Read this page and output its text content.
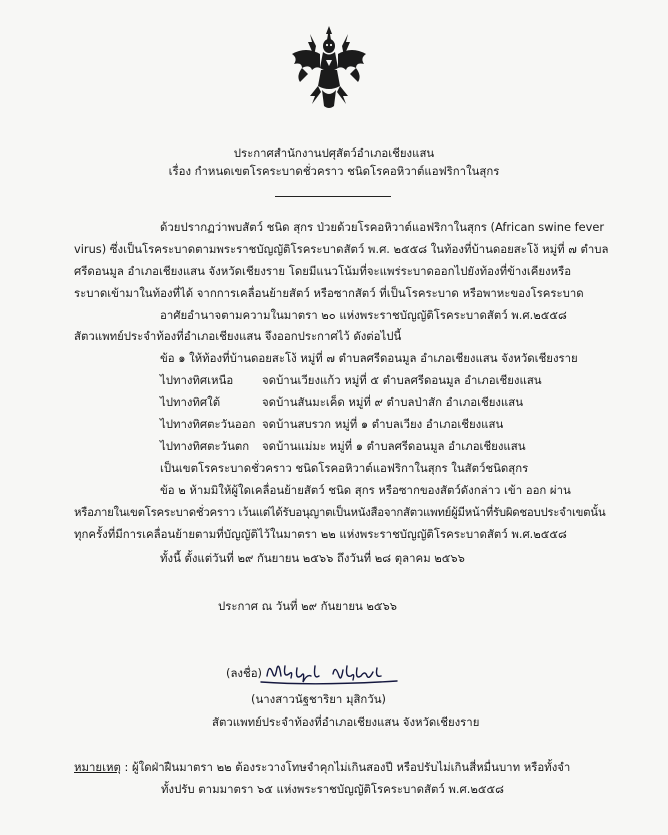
ประกาศสำนักงานปศุสัตว์อำเภอเชียงแสน
เรื่อง กำหนดเขตโรคระบาดชั่วคราว ชนิดโรคอหิวาต์แอฟริกาในสุกร
ด้วยปรากฏว่าพบสัตว์ ชนิด สุกร ป่วยด้วยโรคอหิวาต์แอฟริกาในสุกร (African swine fever
virus) ซึ่งเป็นโรคระบาดตามพระราชบัญญัติโรคระบาดสัตว์ พ.ศ. ๒๕๕๘ ในท้องที่บ้านดอยสะโง้ หมู่ที่ ๗ ตำบล
ศรีดอนมูล อำเภอเชียงแสน จังหวัดเชียงราย โดยมีแนวโน้มที่จะแพร่ระบาดออกไปยังท้องที่ข้างเคียงหรือ
ระบาดเข้ามาในท้องที่ได้ จากการเคลื่อนย้ายสัตว์ หรือซากสัตว์ ที่เป็นโรคระบาด หรือพาหะของโรคระบาด
อาศัยอำนาจตามความในมาตรา ๒๐ แห่งพระราชบัญญัติโรคระบาดสัตว์ พ.ศ.๒๕๕๘
สัตวแพทย์ประจำท้องที่อำเภอเชียงแสน จึงออกประกาศไว้ ดังต่อไปนี้
ข้อ ๑ ให้ท้องที่บ้านดอยสะโง้ หมู่ที่ ๗ ตำบลศรีดอนมูล อำเภอเชียงแสน จังหวัดเชียงราย
ไปทางทิศเหนือ	จดบ้านเวียงแก้ว หมู่ที่ ๕ ตำบลศรีดอนมูล อำเภอเชียงแสน
ไปทางทิศใต้	จดบ้านสันมะเค็ด หมู่ที่ ๙ ตำบลป่าสัก อำเภอเชียงแสน
ไปทางทิศตะวันออก จดบ้านสบรวก หมู่ที่ ๑ ตำบลเวียง อำเภอเชียงแสน
ไปทางทิศตะวันตก จดบ้านแม่มะ หมู่ที่ ๑ ตำบลศรีดอนมูล อำเภอเชียงแสน
เป็นเขตโรคระบาดชั่วคราว ชนิดโรคอหิวาต์แอฟริกาในสุกร ในสัตว์ชนิดสุกร
ข้อ ๒ ห้ามมิให้ผู้ใดเคลื่อนย้ายสัตว์ ชนิด สุกร หรือซากของสัตว์ดังกล่าว เข้า ออก ผ่าน
หรือภายในเขตโรคระบาดชั่วคราว เว้นแต่ได้รับอนุญาตเป็นหนังสือจากสัตวแพทย์ผู้มีหน้าที่รับผิดชอบประจำเขตนั้น
ทุกครั้งที่มีการเคลื่อนย้ายตามที่บัญญัติไว้ในมาตรา ๒๒ แห่งพระราชบัญญัติโรคระบาดสัตว์ พ.ศ.๒๕๕๘
ทั้งนี้ ตั้งแต่วันที่ ๒๙ กันยายน ๒๕๖๖ ถึงวันที่ ๒๘ ตุลาคม ๒๕๖๖
ประกาศ ณ วันที่ ๒๙ กันยายน ๒๕๖๖
(ลงชื่อ)
(นางสาวนัฐชาริยา มุสิกวัน)
สัตวแพทย์ประจำท้องที่อำเภอเชียงแสน จังหวัดเชียงราย
หมายเหตุ : ผู้ใดฝ่าฝืนมาตรา ๒๒ ต้องระวางโทษจำคุกไม่เกินสองปี หรือปรับไม่เกินสี่หมื่นบาท หรือทั้งจำ
ทั้งปรับ ตามมาตรา ๖๕ แห่งพระราชบัญญัติโรคระบาดสัตว์ พ.ศ.๒๕๕๘
